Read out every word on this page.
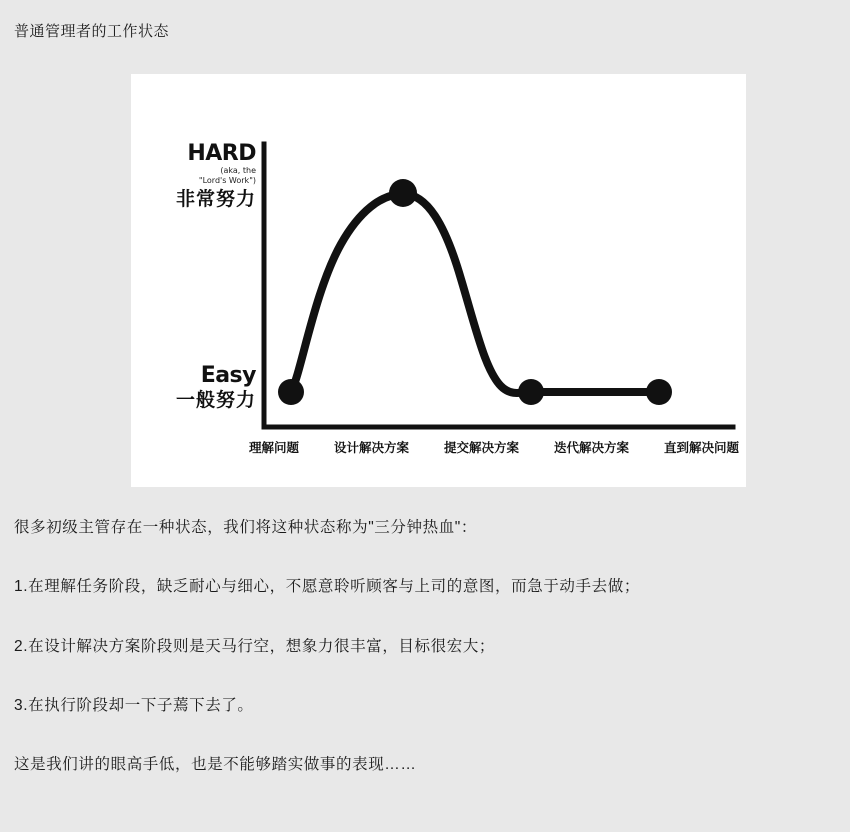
普通管理者的工作状态
HARD
(aka, the
"Lord's Work")
非常努力
Easy
一般努力
理解问题	设计解决方案	提交解决方案	迭代解决方案	直到解决问题

很多初级主管存在一种状态，我们将这种状态称为"三分钟热血"：

1.在理解任务阶段，缺乏耐心与细心，不愿意聆听顾客与上司的意图，而急于动手去做；

2.在设计解决方案阶段则是天马行空，想象力很丰富，目标很宏大；

3.在执行阶段却一下子蔫下去了。

这是我们讲的眼高手低，也是不能够踏实做事的表现……
